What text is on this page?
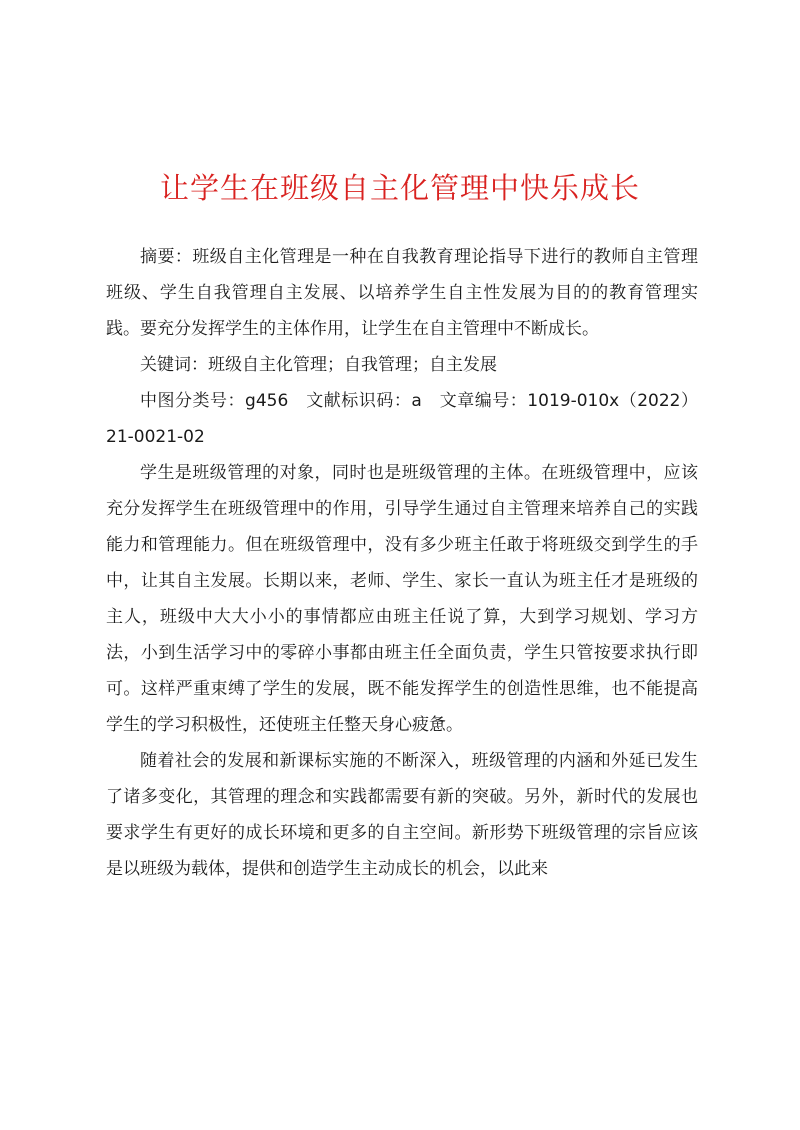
让学生在班级自主化管理中快乐成长

摘要：班级自主化管理是一种在自我教育理论指导下进行的教师自主管理班级、学生自我管理自主发展、以培养学生自主性发展为目的的教育管理实践。要充分发挥学生的主体作用，让学生在自主管理中不断成长。

关键词：班级自主化管理；自我管理；自主发展

中图分类号：g456　文献标识码：a　文章编号：1019-010x（2022）21-0021-02

学生是班级管理的对象，同时也是班级管理的主体。在班级管理中，应该充分发挥学生在班级管理中的作用，引导学生通过自主管理来培养自己的实践能力和管理能力。但在班级管理中，没有多少班主任敢于将班级交到学生的手中，让其自主发展。长期以来，老师、学生、家长一直认为班主任才是班级的主人，班级中大大小小的事情都应由班主任说了算，大到学习规划、学习方法，小到生活学习中的零碎小事都由班主任全面负责，学生只管按要求执行即可。这样严重束缚了学生的发展，既不能发挥学生的创造性思维，也不能提高学生的学习积极性，还使班主任整天身心疲惫。

随着社会的发展和新课标实施的不断深入，班级管理的内涵和外延已发生了诸多变化，其管理的理念和实践都需要有新的突破。另外，新时代的发展也要求学生有更好的成长环境和更多的自主空间。新形势下班级管理的宗旨应该是以班级为载体，提供和创造学生主动成长的机会，以此来
